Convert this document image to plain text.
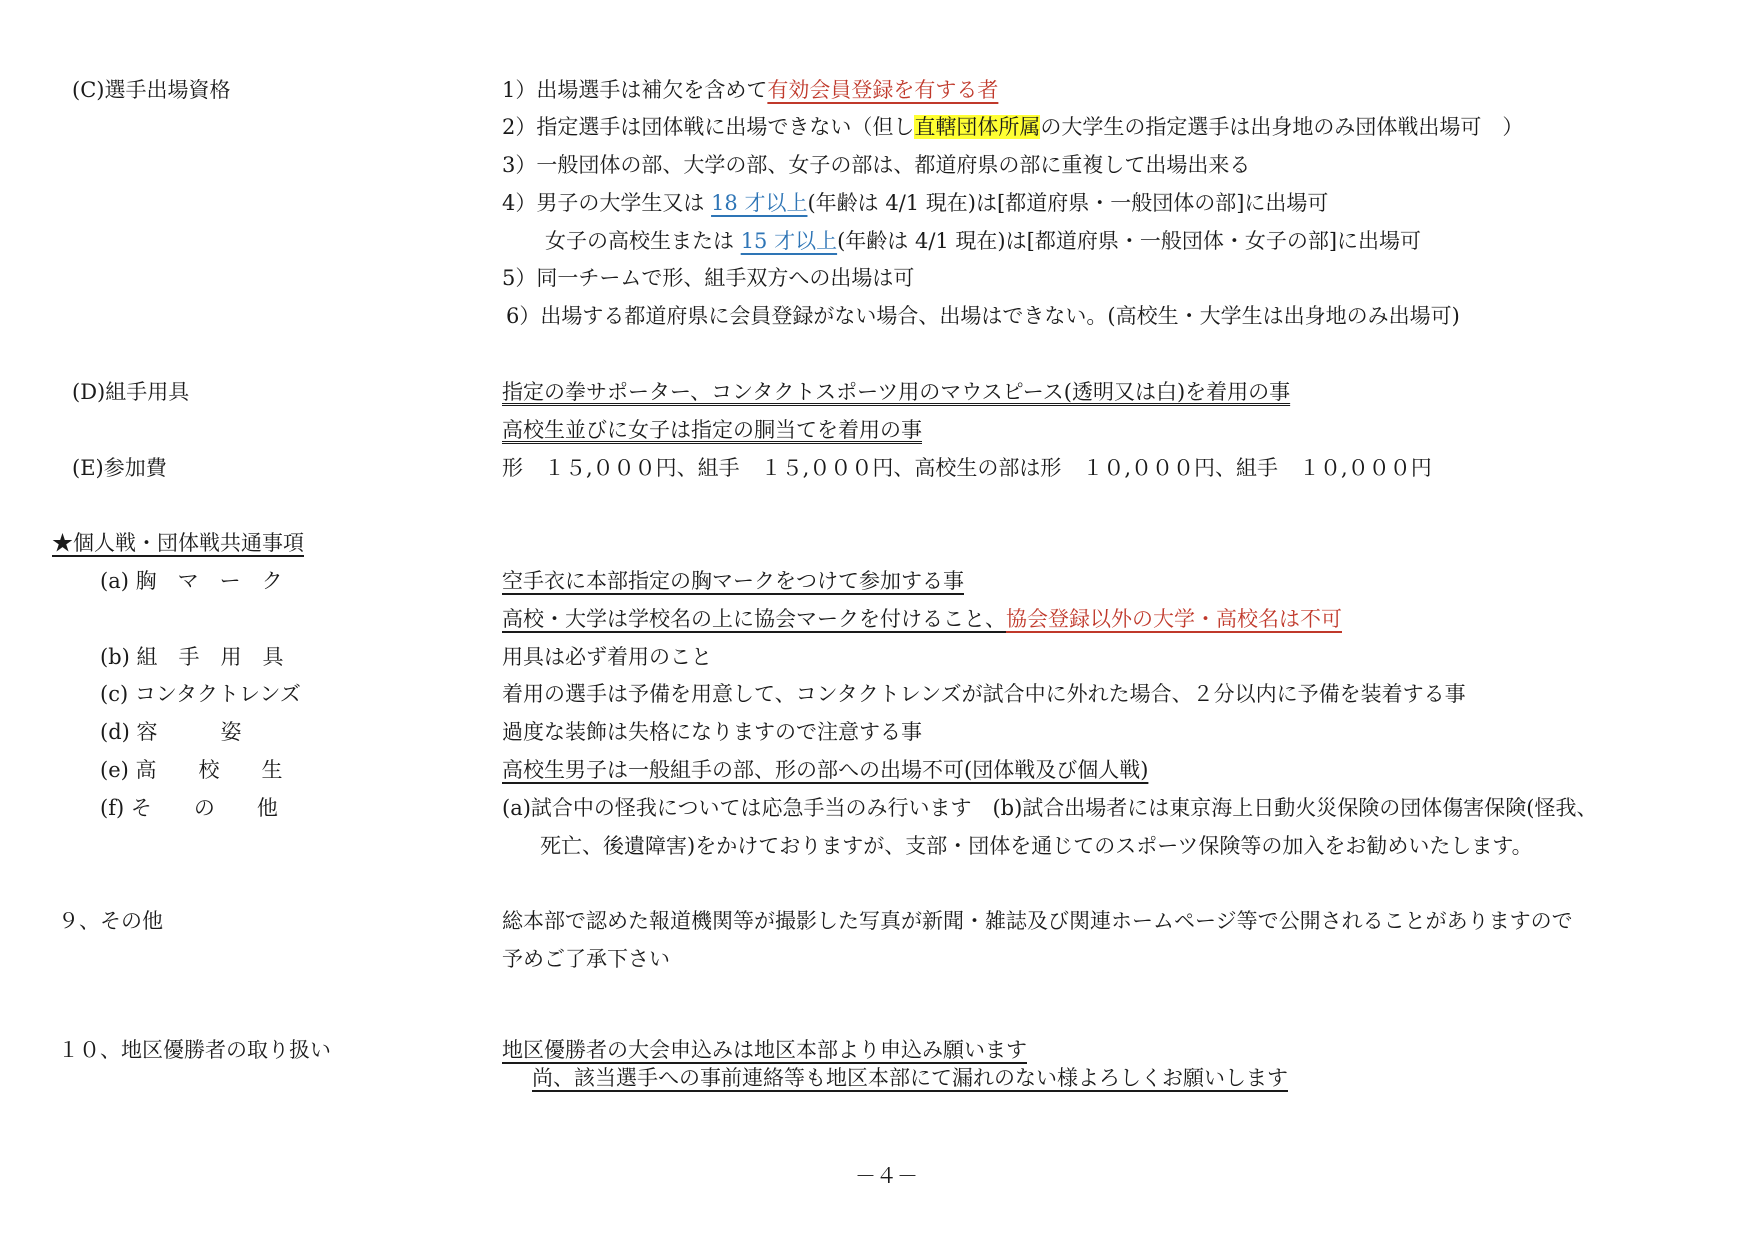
(C)選手出場資格	1）出場選手は補欠を含めて有効会員登録を有する者
2）指定選手は団体戦に出場できない（但し直轄団体所属の大学生の指定選手は出身地のみ団体戦出場可　）
3）一般団体の部、大学の部、女子の部は、都道府県の部に重複して出場出来る
4）男子の大学生又は 18 才以上(年齢は 4/1 現在)は[都道府県・一般団体の部]に出場可
女子の高校生または 15 才以上(年齢は 4/1 現在)は[都道府県・一般団体・女子の部]に出場可
5）同一チームで形、組手双方への出場は可
6）出場する都道府県に会員登録がない場合、出場はできない。(高校生・大学生は出身地のみ出場可)
(D)組手用具	指定の拳サポーター、コンタクトスポーツ用のマウスピース(透明又は白)を着用の事
高校生並びに女子は指定の胴当てを着用の事
(E)参加費	形　１５,０００円、組手　１５,０００円、高校生の部は形　１０,０００円、組手　１０,０００円
★個人戦・団体戦共通事項
(a) 胸　マ　ー　ク	空手衣に本部指定の胸マークをつけて参加する事
高校・大学は学校名の上に協会マークを付けること、協会登録以外の大学・高校名は不可
(b) 組　手　用　具	用具は必ず着用のこと
(c) コンタクトレンズ	着用の選手は予備を用意して、コンタクトレンズが試合中に外れた場合、２分以内に予備を装着する事
(d) 容　　　姿	過度な装飾は失格になりますので注意する事
(e) 高　　校　　生	高校生男子は一般組手の部、形の部への出場不可(団体戦及び個人戦)
(f) そ　　の　　他	(a)試合中の怪我については応急手当のみ行います　(b)試合出場者には東京海上日動火災保険の団体傷害保険(怪我、
死亡、後遺障害)をかけておりますが、支部・団体を通じてのスポーツ保険等の加入をお勧めいたします。
９、その他	総本部で認めた報道機関等が撮影した写真が新聞・雑誌及び関連ホームページ等で公開されることがありますので
予めご了承下さい
１０、地区優勝者の取り扱い	地区優勝者の大会申込みは地区本部より申込み願います
尚、該当選手への事前連絡等も地区本部にて漏れのない様よろしくお願いします
－４－
